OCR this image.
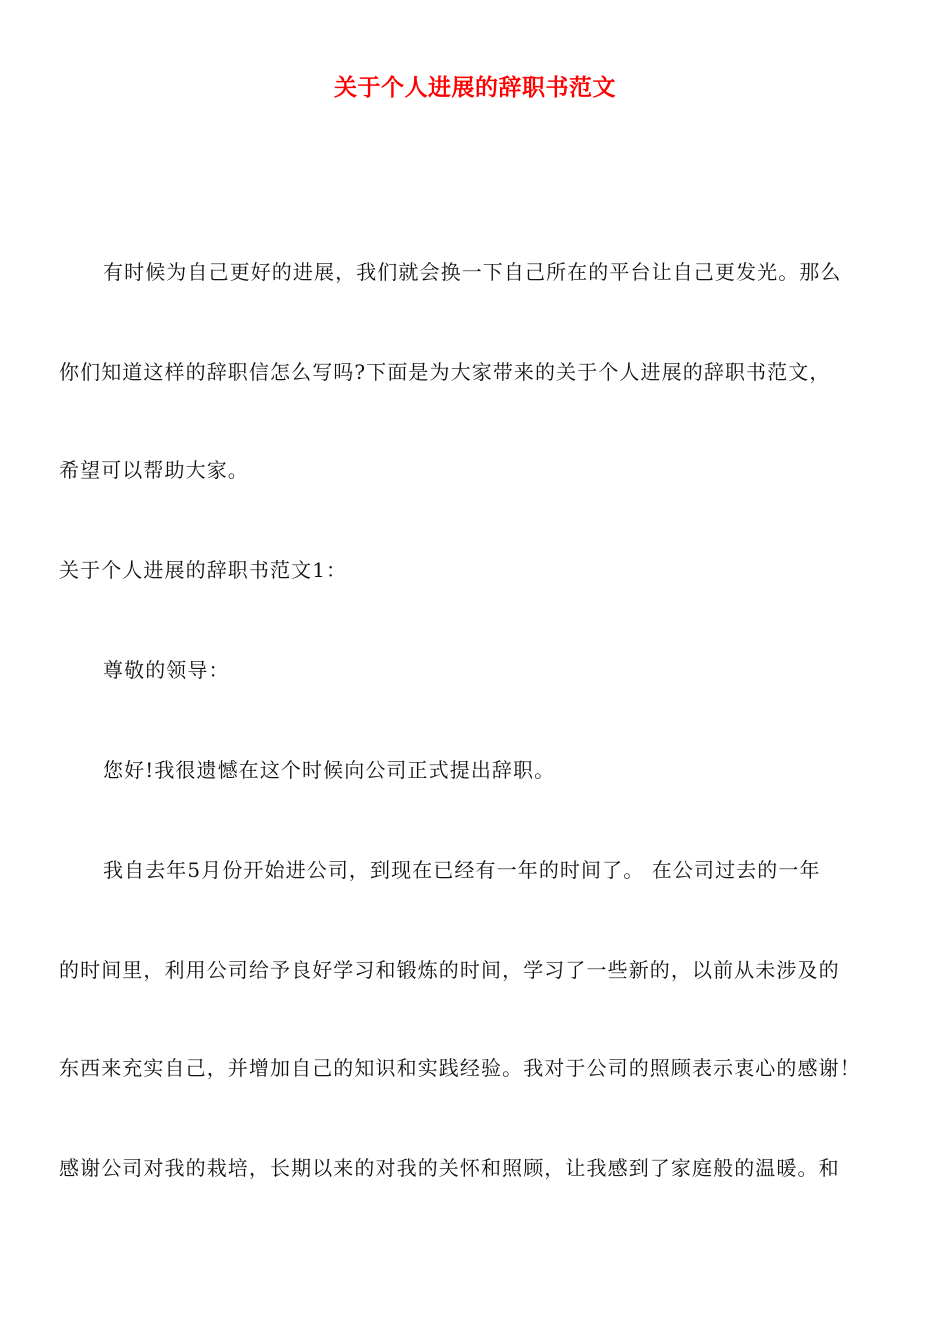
关于个人进展的辞职书范文
有时候为自己更好的进展，我们就会换一下自己所在的平台让自己更发光。那么
你们知道这样的辞职信怎么写吗?下面是为大家带来的关于个人进展的辞职书范文，
希望可以帮助大家。
关于个人进展的辞职书范文1：
尊敬的领导：
您好!我很遗憾在这个时候向公司正式提出辞职。
我自去年5月份开始进公司，到现在已经有一年的时间了。 在公司过去的一年
的时间里，利用公司给予良好学习和锻炼的时间，学习了一些新的，以前从未涉及的
东西来充实自己，并增加自己的知识和实践经验。我对于公司的照顾表示衷心的感谢！
感谢公司对我的栽培，长期以来的对我的关怀和照顾，让我感到了家庭般的温暖。和
